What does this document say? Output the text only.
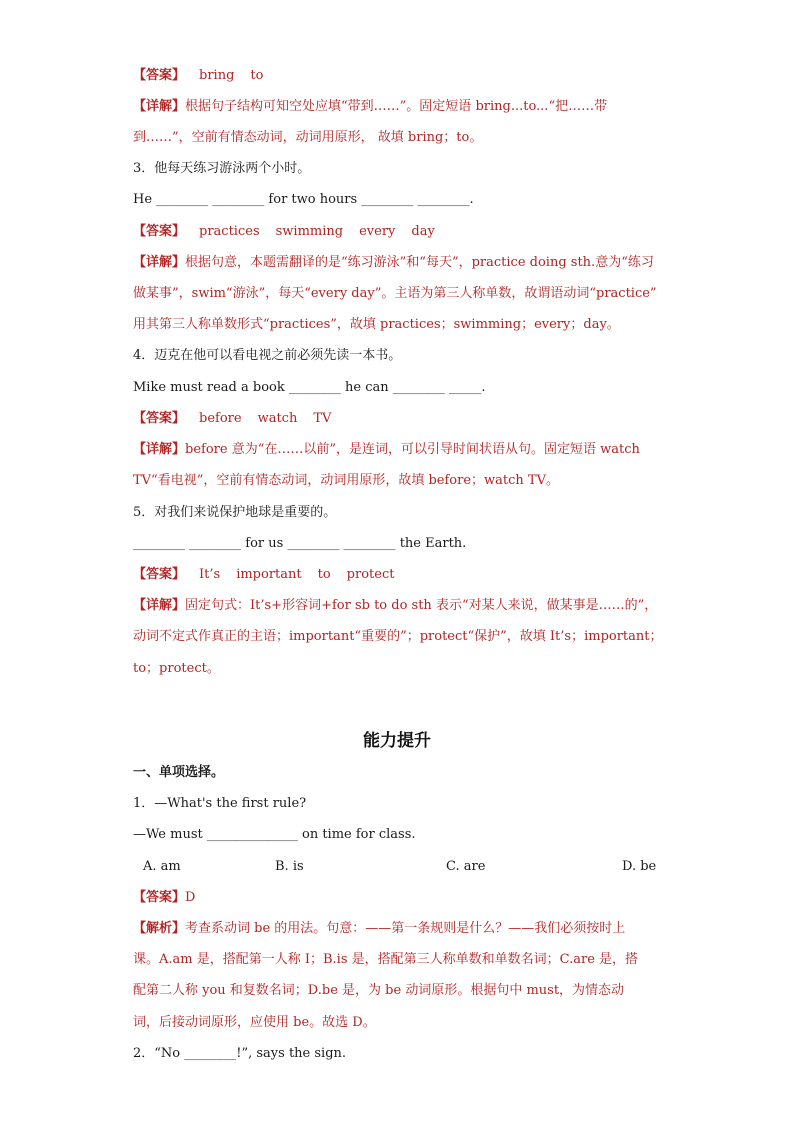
【答案】 bring to
【详解】根据句子结构可知空处应填“带到……”。固定短语 bring...to...“把……带
到……”，空前有情态动词，动词用原形， 故填 bring；to。
3．他每天练习游泳两个小时。
He ________ ________ for two hours ________ ________.
【答案】 practices swimming every day
【详解】根据句意，本题需翻译的是“练习游泳”和“每天”，practice doing sth.意为“练习
做某事”，swim“游泳”，每天“every day”。主语为第三人称单数，故谓语动词“practice”
用其第三人称单数形式“practices”，故填 practices；swimming；every；day。
4．迈克在他可以看电视之前必须先读一本书。
Mike must read a book ________ he can ________ _____.
【答案】 before watch TV
【详解】before 意为“在……以前”，是连词，可以引导时间状语从句。固定短语 watch
TV“看电视”，空前有情态动词，动词用原形，故填 before；watch TV。
5．对我们来说保护地球是重要的。
________ ________ for us ________ ________ the Earth.
【答案】 It’s important to protect
【详解】固定句式：It’s+形容词+for sb to do sth 表示“对某人来说，做某事是……的”，
动词不定式作真正的主语；important“重要的”；protect“保护”，故填 It’s；important；
to；protect。
能力提升
一、单项选择。
1．—What's the first rule?
—We must ______________ on time for class.
A. am	B. is	C. are	D. be
【答案】D
【解析】考查系动词 be 的用法。句意：——第一条规则是什么？——我们必须按时上
课。A.am 是，搭配第一人称 I；B.is 是，搭配第三人称单数和单数名词；C.are 是，搭
配第二人称 you 和复数名词；D.be 是，为 be 动词原形。根据句中 must，为情态动
词，后接动词原形，应使用 be。故选 D。
2．“No ________!”, says the sign.
